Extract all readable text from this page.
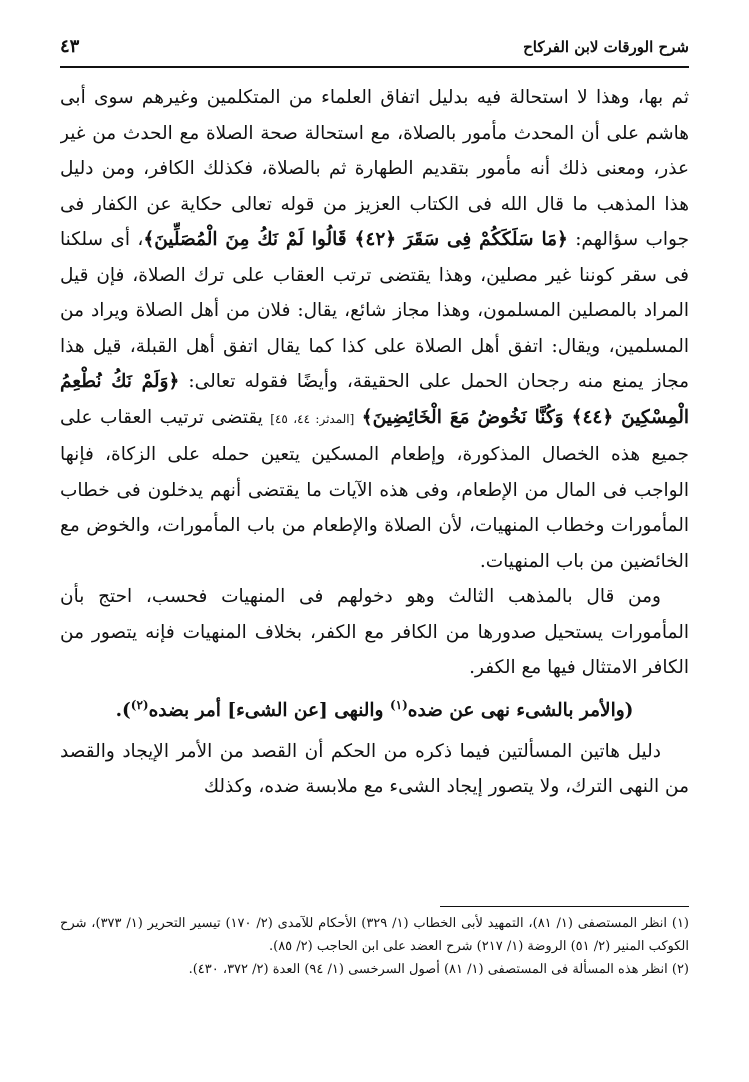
شرح الورقات لابن الفركاح
٤٣

ثم بها، وهذا لا استحالة فيه بدليل اتفاق العلماء من المتكلمين وغيرهم سوى أبى هاشم على أن المحدث مأمور بالصلاة، مع استحالة صحة الصلاة مع الحدث من غير عذر، ومعنى ذلك أنه مأمور بتقديم الطهارة ثم بالصلاة، فكذلك الكافر، ومن دليل هذا المذهب ما قال الله فى الكتاب العزيز من قوله تعالى حكاية عن الكفار فى جواب سؤالهم: ﴿مَا سَلَكَكُمْ فِى سَقَرَ ﴿٤٢﴾ قَالُوا لَمْ نَكُ مِنَ الْمُصَلِّينَ﴾، أى سلكنا فى سقر كوننا غير مصلين، وهذا يقتضى ترتب العقاب على ترك الصلاة، فإن قيل المراد بالمصلين المسلمون، وهذا مجاز شائع، يقال: فلان من أهل الصلاة ويراد من المسلمين، ويقال: اتفق أهل الصلاة على كذا كما يقال اتفق أهل القبلة، قيل هذا مجاز يمنع منه رجحان الحمل على الحقيقة، وأيضًا فقوله تعالى: ﴿وَلَمْ نَكُ نُطْعِمُ الْمِسْكِينَ ﴿٤٤﴾ وَكُنَّا نَخُوضُ مَعَ الْخَائِضِينَ﴾ [المدثر: ٤٤، ٤٥] يقتضى ترتيب العقاب على جميع هذه الخصال المذكورة، وإطعام المسكين يتعين حمله على الزكاة، فإنها الواجب فى المال من الإطعام، وفى هذه الآيات ما يقتضى أنهم يدخلون فى خطاب المأمورات وخطاب المنهيات، لأن الصلاة والإطعام من باب المأمورات، والخوض مع الخائضين من باب المنهيات.

ومن قال بالمذهب الثالث وهو دخولهم فى المنهيات فحسب، احتج بأن المأمورات يستحيل صدورها من الكافر مع الكفر، بخلاف المنهيات فإنه يتصور من الكافر الامتثال فيها مع الكفر.

(والأمر بالشىء نهى عن ضده$^{(١)}$ والنهى [عن الشىء] أمر بضده$^{(٢)}$).

دليل هاتين المسألتين فيما ذكره من الحكم أن القصد من الأمر الإيجاد والقصد من النهى الترك، ولا يتصور إيجاد الشىء مع ملابسة ضده، وكذلك

(١) انظر المستصفى (١/ ٨١)، التمهيد لأبى الخطاب (١/ ٣٢٩) الأحكام للآمدى (٢/ ١٧٠) تيسير التحرير (١/ ٣٧٣)، شرح الكوكب المنير (٢/ ٥١) الروضة (١/ ٢١٧) شرح العضد على ابن الحاجب (٢/ ٨٥).

(٢) انظر هذه المسألة فى المستصفى (١/ ٨١) أصول السرخسى (١/ ٩٤) العدة (٢/ ٣٧٢، ٤٣٠).
